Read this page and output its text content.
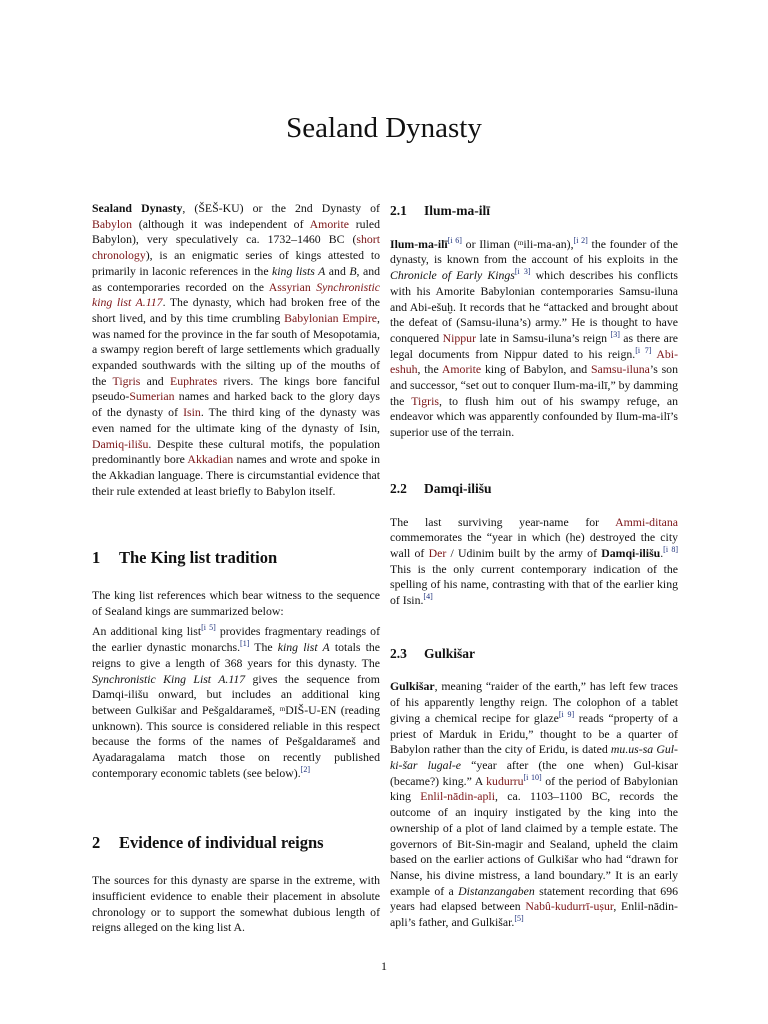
Sealand Dynasty

Sealand Dynasty, (ŠEŠ-KU) or the 2nd Dynasty of Babylon (although it was independent of Amorite ruled Babylon), very speculatively ca. 1732–1460 BC (short chronology), is an enigmatic series of kings attested to primarily in laconic references in the king lists A and B, and as contemporaries recorded on the Assyrian Synchronistic king list A.117. The dynasty, which had broken free of the short lived, and by this time crumbling Babylonian Empire, was named for the province in the far south of Mesopotamia, a swampy region bereft of large settlements which gradually expanded southwards with the silting up of the mouths of the Tigris and Euphrates rivers. The kings bore fanciful pseudo-Sumerian names and harked back to the glory days of the dynasty of Isin. The third king of the dynasty was even named for the ultimate king of the dynasty of Isin, Damiq-ilišu. Despite these cultural motifs, the population predominantly bore Akkadian names and wrote and spoke in the Akkadian language. There is circumstantial evidence that their rule extended at least briefly to Babylon itself.

1 The King list tradition

The king list references which bear witness to the sequence of Sealand kings are summarized below:

An additional king list[i 5] provides fragmentary readings of the earlier dynastic monarchs.[1] The king list A totals the reigns to give a length of 368 years for this dynasty. The Synchronistic King List A.117 gives the sequence from Damqi-ilišu onward, but includes an additional king between Gulkišar and Pešgaldarameš, ᵐDIŠ-U-EN (reading unknown). This source is considered reliable in this respect because the forms of the names of Pešgaldarameš and Ayadaragalama match those on recently published contemporary economic tablets (see below).[2]

2 Evidence of individual reigns

The sources for this dynasty are sparse in the extreme, with insufficient evidence to enable their placement in absolute chronology or to support the somewhat dubious length of reigns alleged on the king list A.

2.1 Ilum-ma-ilī

Ilum-ma-ilī[i 6] or Iliman (ᵐili-ma-an),[i 2] the founder of the dynasty, is known from the account of his exploits in the Chronicle of Early Kings[i 3] which describes his conflicts with his Amorite Babylonian contemporaries Samsu-iluna and Abi-ešuḫ. It records that he “attacked and brought about the defeat of (Samsu-iluna’s) army.” He is thought to have conquered Nippur late in Samsu-iluna’s reign [3] as there are legal documents from Nippur dated to his reign.[i 7] Abi-eshuh, the Amorite king of Babylon, and Samsu-iluna’s son and successor, “set out to conquer Ilum-ma-ilī,” by damming the Tigris, to flush him out of his swampy refuge, an endeavor which was apparently confounded by Ilum-ma-ilī’s superior use of the terrain.

2.2 Damqi-ilišu

The last surviving year-name for Ammi-ditana commemorates the “year in which (he) destroyed the city wall of Der / Udinim built by the army of Damqi-ilišu.[i 8] This is the only current contemporary indication of the spelling of his name, contrasting with that of the earlier king of Isin.[4]

2.3 Gulkišar

Gulkišar, meaning “raider of the earth,” has left few traces of his apparently lengthy reign. The colophon of a tablet giving a chemical recipe for glaze[i 9] reads “property of a priest of Marduk in Eridu,” thought to be a quarter of Babylon rather than the city of Eridu, is dated mu.us-sa Gul-ki-šar lugal-e “year after (the one when) Gul-kisar (became?) king.” A kudurru[i 10] of the period of Babylonian king Enlil-nādin-apli, ca. 1103–1100 BC, records the outcome of an inquiry instigated by the king into the ownership of a plot of land claimed by a temple estate. The governors of Bit-Sin-magir and Sealand, upheld the claim based on the earlier actions of Gulkišar who had “drawn for Nanse, his divine mistress, a land boundary.” It is an early example of a Distanzangaben statement recording that 696 years had elapsed between Nabû-kudurrī-uṣur, Enlil-nādin-apli’s father, and Gulkišar.[5]

1
